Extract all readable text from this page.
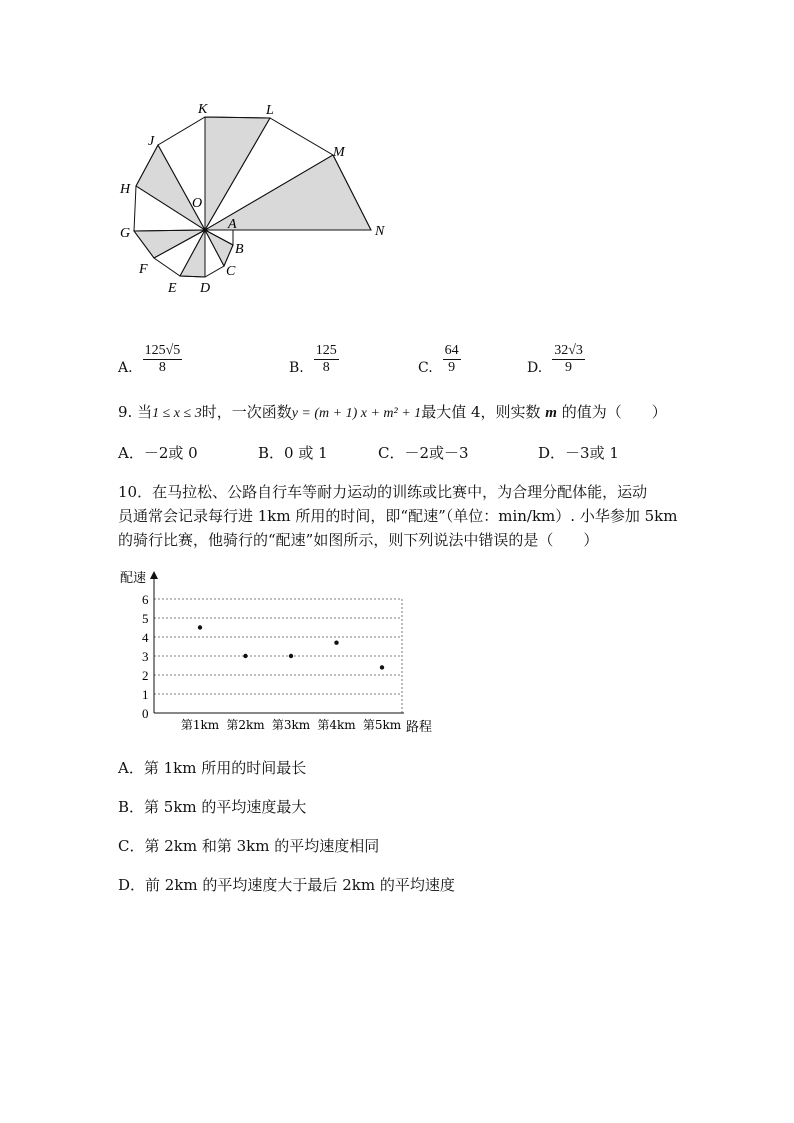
K	L
J
M
H
O
A	N
G
B
F	C
E D
A. $\frac{125√5}{8}$	B. $\frac{125}{8}$	C. $\frac{64}{9}$	D. $\frac{32√3}{9}$
9. 当1 ≤ x ≤ 3时，一次函数y = (m + 1) x + m² + 1最大值 4，则实数 m 的值为（　　）
A．－2或 0	B．0 或 1	C．－2或－3	D．－3或 1
10．在马拉松、公路自行车等耐力运动的训练或比赛中，为合理分配体能，运动
员通常会记录每行进 1km 所用的时间，即“配速”（单位：min/km）. 小华参加 5km
的骑行比赛，他骑行的“配速”如图所示，则下列说法中错误的是（　　）
0
1
2
3
4
5
6
第1km 第2km 第3km 第4km 第5km
配速
路程
A．第 1km 所用的时间最长
B．第 5km 的平均速度最大
C．第 2km 和第 3km 的平均速度相同
D．前 2km 的平均速度大于最后 2km 的平均速度
